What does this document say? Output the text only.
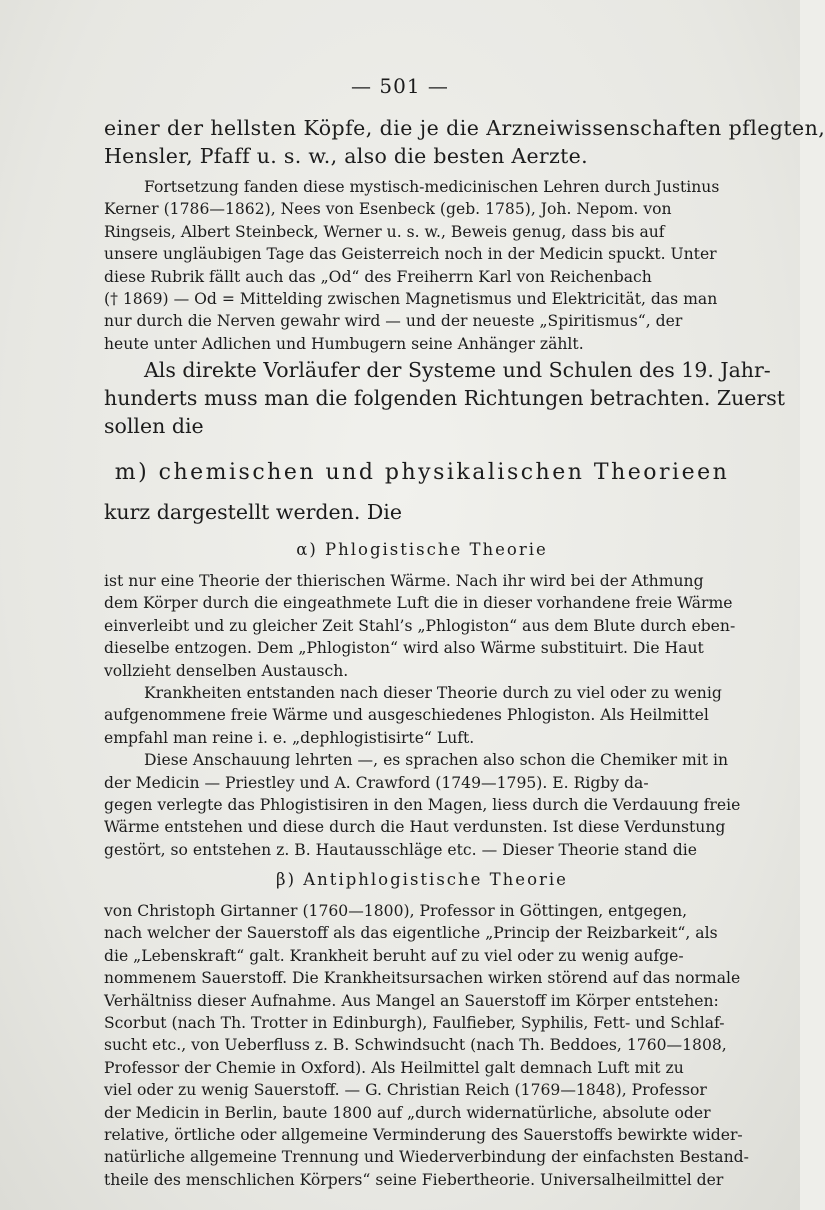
— 501 —
einer der hellsten Köpfe, die je die Arzneiwissenschaften pflegten,
Hensler, Pfaff u. s. w., also die besten Aerzte.
Fortsetzung fanden diese mystisch-medicinischen Lehren durch Justinus
Kerner (1786—1862), Nees von Esenbeck (geb. 1785), Joh. Nepom. von
Ringseis, Albert Steinbeck, Werner u. s. w., Beweis genug, dass bis auf
unsere ungläubigen Tage das Geisterreich noch in der Medicin spuckt. Unter
diese Rubrik fällt auch das „Od“ des Freiherrn Karl von Reichenbach
(† 1869) — Od = Mittelding zwischen Magnetismus und Elektricität, das man
nur durch die Nerven gewahr wird — und der neueste „Spiritismus“, der
heute unter Adlichen und Humbugern seine Anhänger zählt.
Als direkte Vorläufer der Systeme und Schulen des 19. Jahr-
hunderts muss man die folgenden Richtungen betrachten. Zuerst
sollen die
m) chemischen und physikalischen Theorieen
kurz dargestellt werden. Die
α) Phlogistische Theorie
ist nur eine Theorie der thierischen Wärme. Nach ihr wird bei der Athmung
dem Körper durch die eingeathmete Luft die in dieser vorhandene freie Wärme
einverleibt und zu gleicher Zeit Stahl’s „Phlogiston“ aus dem Blute durch eben-
dieselbe entzogen. Dem „Phlogiston“ wird also Wärme substituirt. Die Haut
vollzieht denselben Austausch.
Krankheiten entstanden nach dieser Theorie durch zu viel oder zu wenig
aufgenommene freie Wärme und ausgeschiedenes Phlogiston. Als Heilmittel
empfahl man reine i. e. „dephlogistisirte“ Luft.
Diese Anschauung lehrten —, es sprachen also schon die Chemiker mit in
der Medicin — Priestley und A. Crawford (1749—1795). E. Rigby da-
gegen verlegte das Phlogistisiren in den Magen, liess durch die Verdauung freie
Wärme entstehen und diese durch die Haut verdunsten. Ist diese Verdunstung
gestört, so entstehen z. B. Hautausschläge etc. — Dieser Theorie stand die
β) Antiphlogistische Theorie
von Christoph Girtanner (1760—1800), Professor in Göttingen, entgegen,
nach welcher der Sauerstoff als das eigentliche „Princip der Reizbarkeit“, als
die „Lebenskraft“ galt. Krankheit beruht auf zu viel oder zu wenig aufge-
nommenem Sauerstoff. Die Krankheitsursachen wirken störend auf das normale
Verhältniss dieser Aufnahme. Aus Mangel an Sauerstoff im Körper entstehen:
Scorbut (nach Th. Trotter in Edinburgh), Faulfieber, Syphilis, Fett- und Schlaf-
sucht etc., von Ueberfluss z. B. Schwindsucht (nach Th. Beddoes, 1760—1808,
Professor der Chemie in Oxford). Als Heilmittel galt demnach Luft mit zu
viel oder zu wenig Sauerstoff. — G. Christian Reich (1769—1848), Professor
der Medicin in Berlin, baute 1800 auf „durch widernatürliche, absolute oder
relative, örtliche oder allgemeine Verminderung des Sauerstoffs bewirkte wider-
natürliche allgemeine Trennung und Wiederverbindung der einfachsten Bestand-
theile des menschlichen Körpers“ seine Fiebertheorie. Universalheilmittel der
